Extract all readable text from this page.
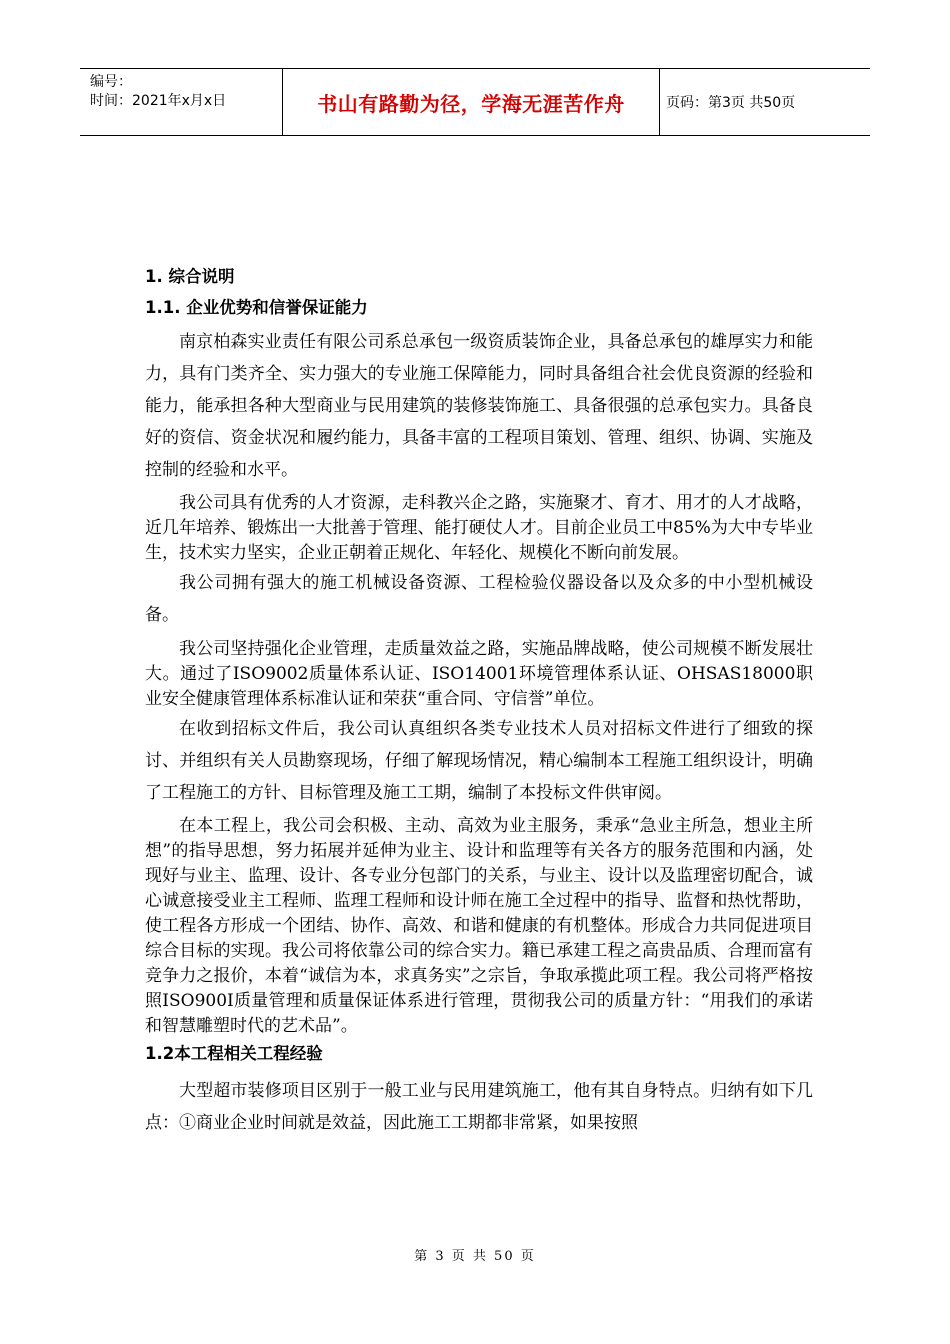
编号：
时间：2021年x月x日	书山有路勤为径，学海无涯苦作舟	页码：第3页 共50页
1. 综合说明
1.1. 企业优势和信誉保证能力

南京柏森实业责任有限公司系总承包一级资质装饰企业，具备总承包的雄厚实力和能力，具有门类齐全、实力强大的专业施工保障能力，同时具备组合社会优良资源的经验和能力，能承担各种大型商业与民用建筑的装修装饰施工、具备很强的总承包实力。具备良好的资信、资金状况和履约能力，具备丰富的工程项目策划、管理、组织、协调、实施及控制的经验和水平。

我公司具有优秀的人才资源，走科教兴企之路，实施聚才、育才、用才的人才战略，近几年培养、锻炼出一大批善于管理、能打硬仗人才。目前企业员工中85%为大中专毕业生，技术实力坚实，企业正朝着正规化、年轻化、规模化不断向前发展。

我公司拥有强大的施工机械设备资源、工程检验仪器设备以及众多的中小型机械设备。

我公司坚持强化企业管理，走质量效益之路，实施品牌战略，使公司规模不断发展壮大。通过了ISO9002质量体系认证、ISO14001环境管理体系认证、OHSAS18000职业安全健康管理体系标准认证和荣获“重合同、守信誉”单位。

在收到招标文件后，我公司认真组织各类专业技术人员对招标文件进行了细致的探讨、并组织有关人员勘察现场，仔细了解现场情况，精心编制本工程施工组织设计，明确了工程施工的方针、目标管理及施工工期，编制了本投标文件供审阅。

在本工程上，我公司会积极、主动、高效为业主服务，秉承“急业主所急，想业主所想”的指导思想，努力拓展并延伸为业主、设计和监理等有关各方的服务范围和内涵，处现好与业主、监理、设计、各专业分包部门的关系，与业主、设计以及监理密切配合，诚心诚意接受业主工程师、监理工程师和设计师在施工全过程中的指导、监督和热忱帮助，使工程各方形成一个团结、协作、高效、和谐和健康的有机整体。形成合力共同促进项目综合目标的实现。我公司将依靠公司的综合实力。籍已承建工程之高贵品质、合理而富有竞争力之报价，本着“诚信为本，求真务实”之宗旨，争取承揽此项工程。我公司将严格按照ISO900I质量管理和质量保证体系进行管理，贯彻我公司的质量方针：“用我们的承诺和智慧雕塑时代的艺术品”。

1.2本工程相关工程经验

大型超市装修项目区别于一般工业与民用建筑施工，他有其自身特点。归纳有如下几点：①商业企业时间就是效益，因此施工工期都非常紧，如果按照

第 3 页 共 50 页
